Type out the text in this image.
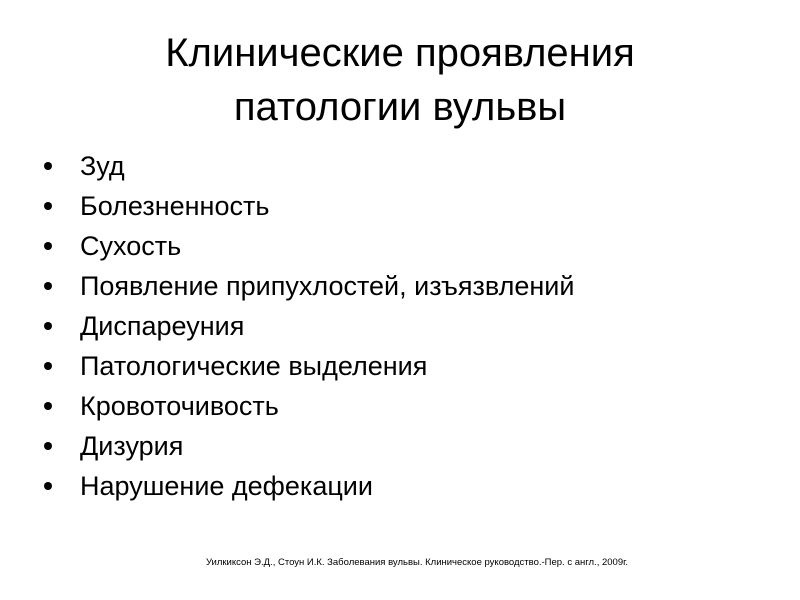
Клинические проявления
патологии вульвы
Зуд
Болезненность
Сухость
Появление припухлостей, изъязвлений
Диспареуния
Патологические выделения
Кровоточивость
Дизурия
Нарушение дефекации
Уилкиксон Э.Д., Стоун И.К. Заболевания вульвы. Клиническое руководство.-Пер. с англ., 2009г.
